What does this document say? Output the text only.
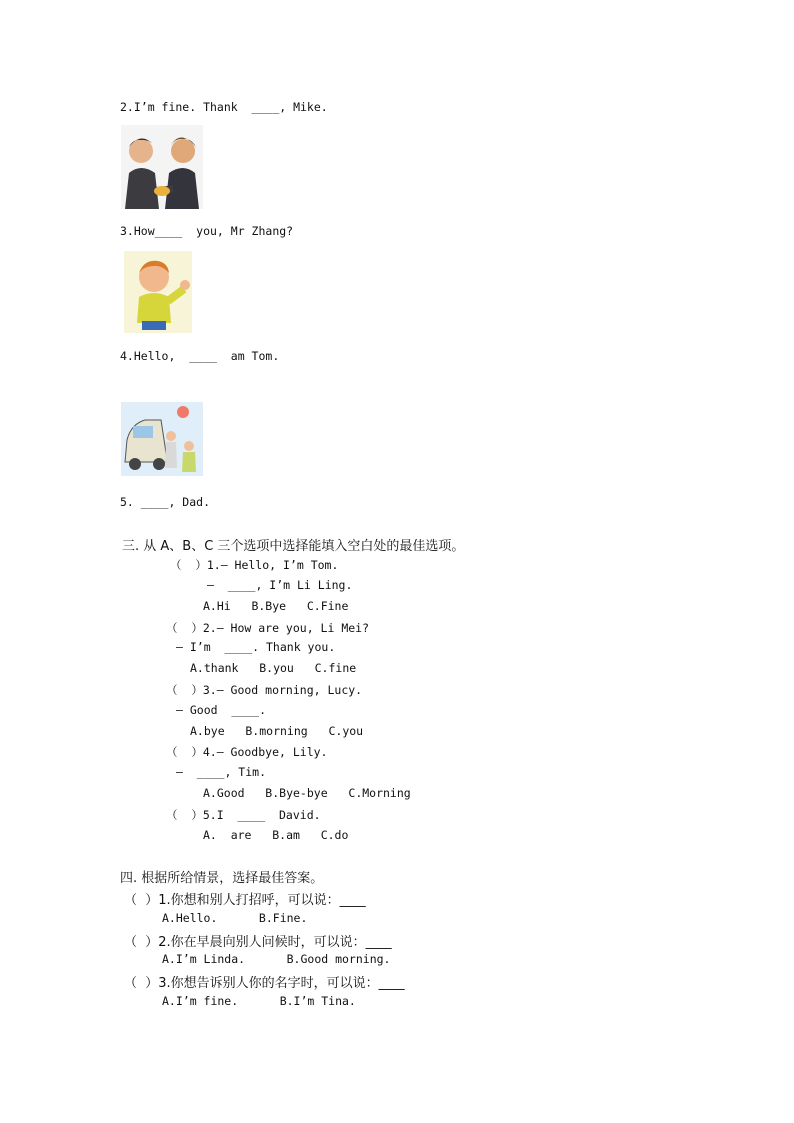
2.I’m fine. Thank  ____, Mike.
3.How____  you, Mr Zhang?
4.Hello,  ____  am Tom.
5. ____, Dad.
三. 从 A、B、C 三个选项中选择能填入空白处的最佳选项。
（  ）1.— Hello, I’m Tom.
—  ____, I’m Li Ling.
A.Hi   B.Bye   C.Fine
（  ）2.— How are you, Li Mei?
— I’m  ____. Thank you.
A.thank   B.you   C.fine
（  ）3.— Good morning, Lucy.
— Good  ____.
A.bye   B.morning   C.you
（  ）4.— Goodbye, Lily.
—  ____, Tim.
A.Good   B.Bye-bye   C.Morning
（  ）5.I  ____  David.
A.  are   B.am   C.do
四. 根据所给情景，选择最佳答案。
（  ）1.你想和别人打招呼，可以说：____
A.Hello.      B.Fine.
（  ）2.你在早晨向别人问候时，可以说：____
A.I’m Linda.      B.Good morning.
（  ）3.你想告诉别人你的名字时，可以说：____
A.I’m fine.      B.I’m Tina.
